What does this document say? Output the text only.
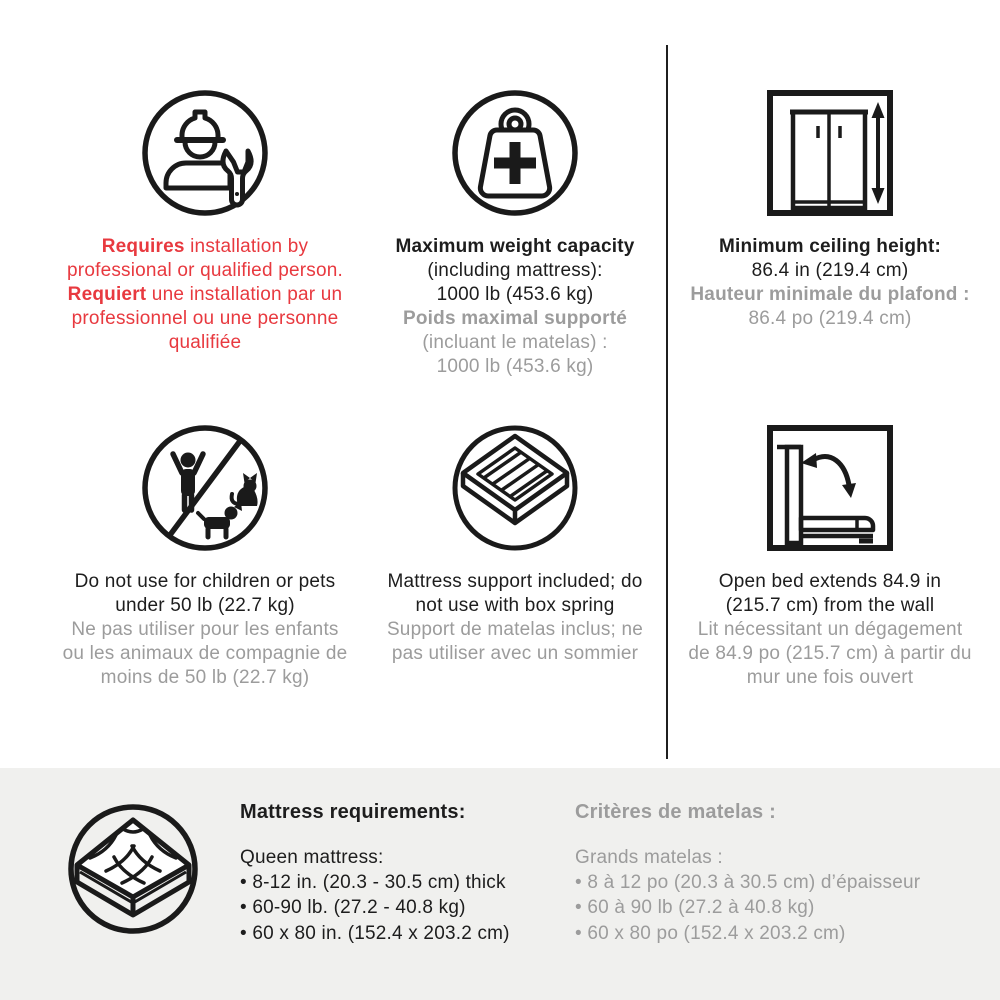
Requires installation by

professional or qualified person.

Requiert une installation par un

professionnel ou une personne

qualifiée

Maximum weight capacity

(including mattress):

1000 lb (453.6 kg)

Poids maximal supporté

(incluant le matelas) :

1000 lb (453.6 kg)

Minimum ceiling height:

86.4 in (219.4 cm)

Hauteur minimale du plafond :

86.4 po (219.4 cm)

Do not use for children or pets

under 50 lb (22.7 kg)

Ne pas utiliser pour les enfants

ou les animaux de compagnie de

moins de 50 lb (22.7 kg)

Mattress support included; do

not use with box spring

Support de matelas inclus; ne

pas utiliser avec un sommier

Open bed extends 84.9 in

(215.7 cm) from the wall

Lit nécessitant un dégagement

de 84.9 po (215.7 cm) à partir du

mur une fois ouvert

Mattress requirements:

Queen mattress:

• 8-12 in. (20.3 - 30.5 cm) thick
• 60-90 lb. (27.2 - 40.8 kg)
• 60 x 80 in. (152.4 x 203.2 cm)

Critères de matelas :

Grands matelas :

• 8 à 12 po (20.3 à 30.5 cm) d’épaisseur
• 60 à 90 lb (27.2 à 40.8 kg)
• 60 x 80 po (152.4 x 203.2 cm)
